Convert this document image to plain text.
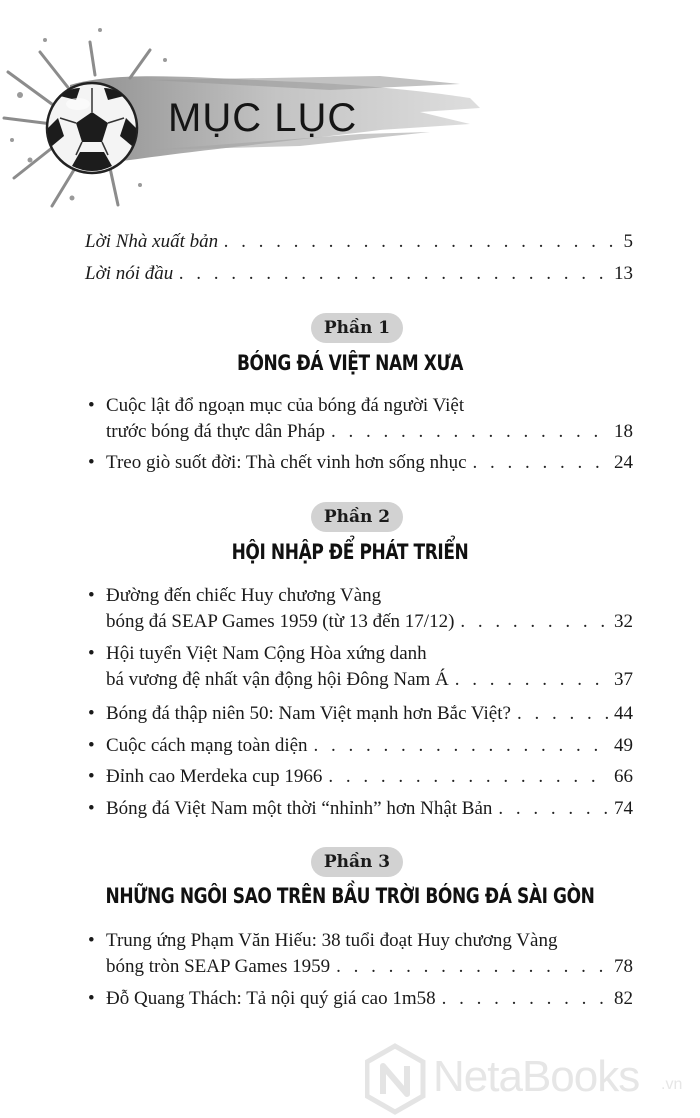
MỤC LỤC
Lời Nhà xuất bản . . .	5
Lời nói đầu . . .	13
Phần 1
BÓNG ĐÁ VIỆT NAM XƯA
• Cuộc lật đổ ngoạn mục của bóng đá người Việt
trước bóng đá thực dân Pháp . . .	18
• Treo giò suốt đời: Thà chết vinh hơn sống nhục . . .	24
Phần 2
HỘI NHẬP ĐỂ PHÁT TRIỂN
• Đường đến chiếc Huy chương Vàng
bóng đá SEAP Games 1959 (từ 13 đến 17/12) . . .	32
• Hội tuyển Việt Nam Cộng Hòa xứng danh
bá vương đệ nhất vận động hội Đông Nam Á . . .	37
• Bóng đá thập niên 50: Nam Việt mạnh hơn Bắc Việt? . . .	44
• Cuộc cách mạng toàn diện . . .	49
• Đỉnh cao Merdeka cup 1966 . . .	66
• Bóng đá Việt Nam một thời “nhỉnh” hơn Nhật Bản . . .	74
Phần 3
NHỮNG NGÔI SAO TRÊN BẦU TRỜI BÓNG ĐÁ SÀI GÒN
• Trung ứng Phạm Văn Hiếu: 38 tuổi đoạt Huy chương Vàng
bóng tròn SEAP Games 1959 . . .	78
• Đỗ Quang Thách: Tả nội quý giá cao 1m58 . . .	82
NetaBooks .vn
